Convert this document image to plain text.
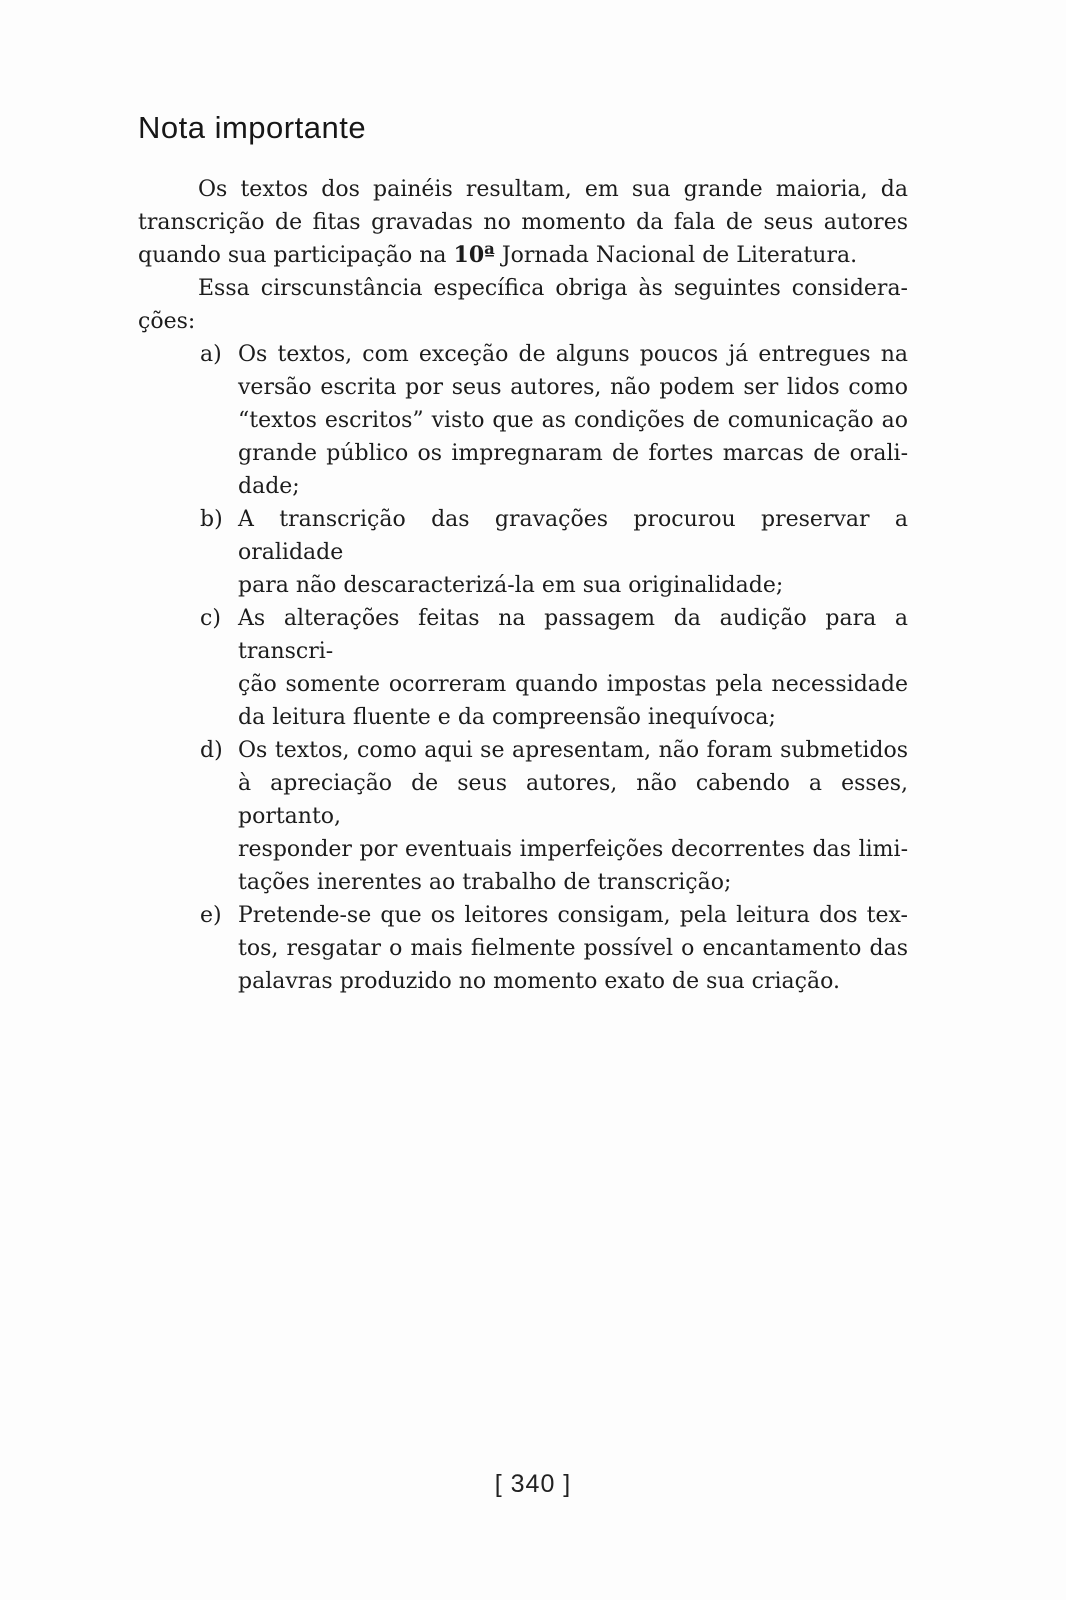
Nota importante
Os textos dos painéis resultam, em sua grande maioria, da
transcrição de fitas gravadas no momento da fala de seus autores
quando sua participação na 10ª Jornada Nacional de Literatura.
Essa cirscunstância específica obriga às seguintes considera-
ções:
a) Os textos, com exceção de alguns poucos já entregues na
versão escrita por seus autores, não podem ser lidos como
“textos escritos” visto que as condições de comunicação ao
grande público os impregnaram de fortes marcas de orali-
dade;
b) A transcrição das gravações procurou preservar a oralidade
para não descaracterizá-la em sua originalidade;
c) As alterações feitas na passagem da audição para a transcri-
ção somente ocorreram quando impostas pela necessidade
da leitura fluente e da compreensão inequívoca;
d) Os textos, como aqui se apresentam, não foram submetidos
à apreciação de seus autores, não cabendo a esses, portanto,
responder por eventuais imperfeições decorrentes das limi-
tações inerentes ao trabalho de transcrição;
e) Pretende-se que os leitores consigam, pela leitura dos tex-
tos, resgatar o mais fielmente possível o encantamento das
palavras produzido no momento exato de sua criação.
[ 340 ]
